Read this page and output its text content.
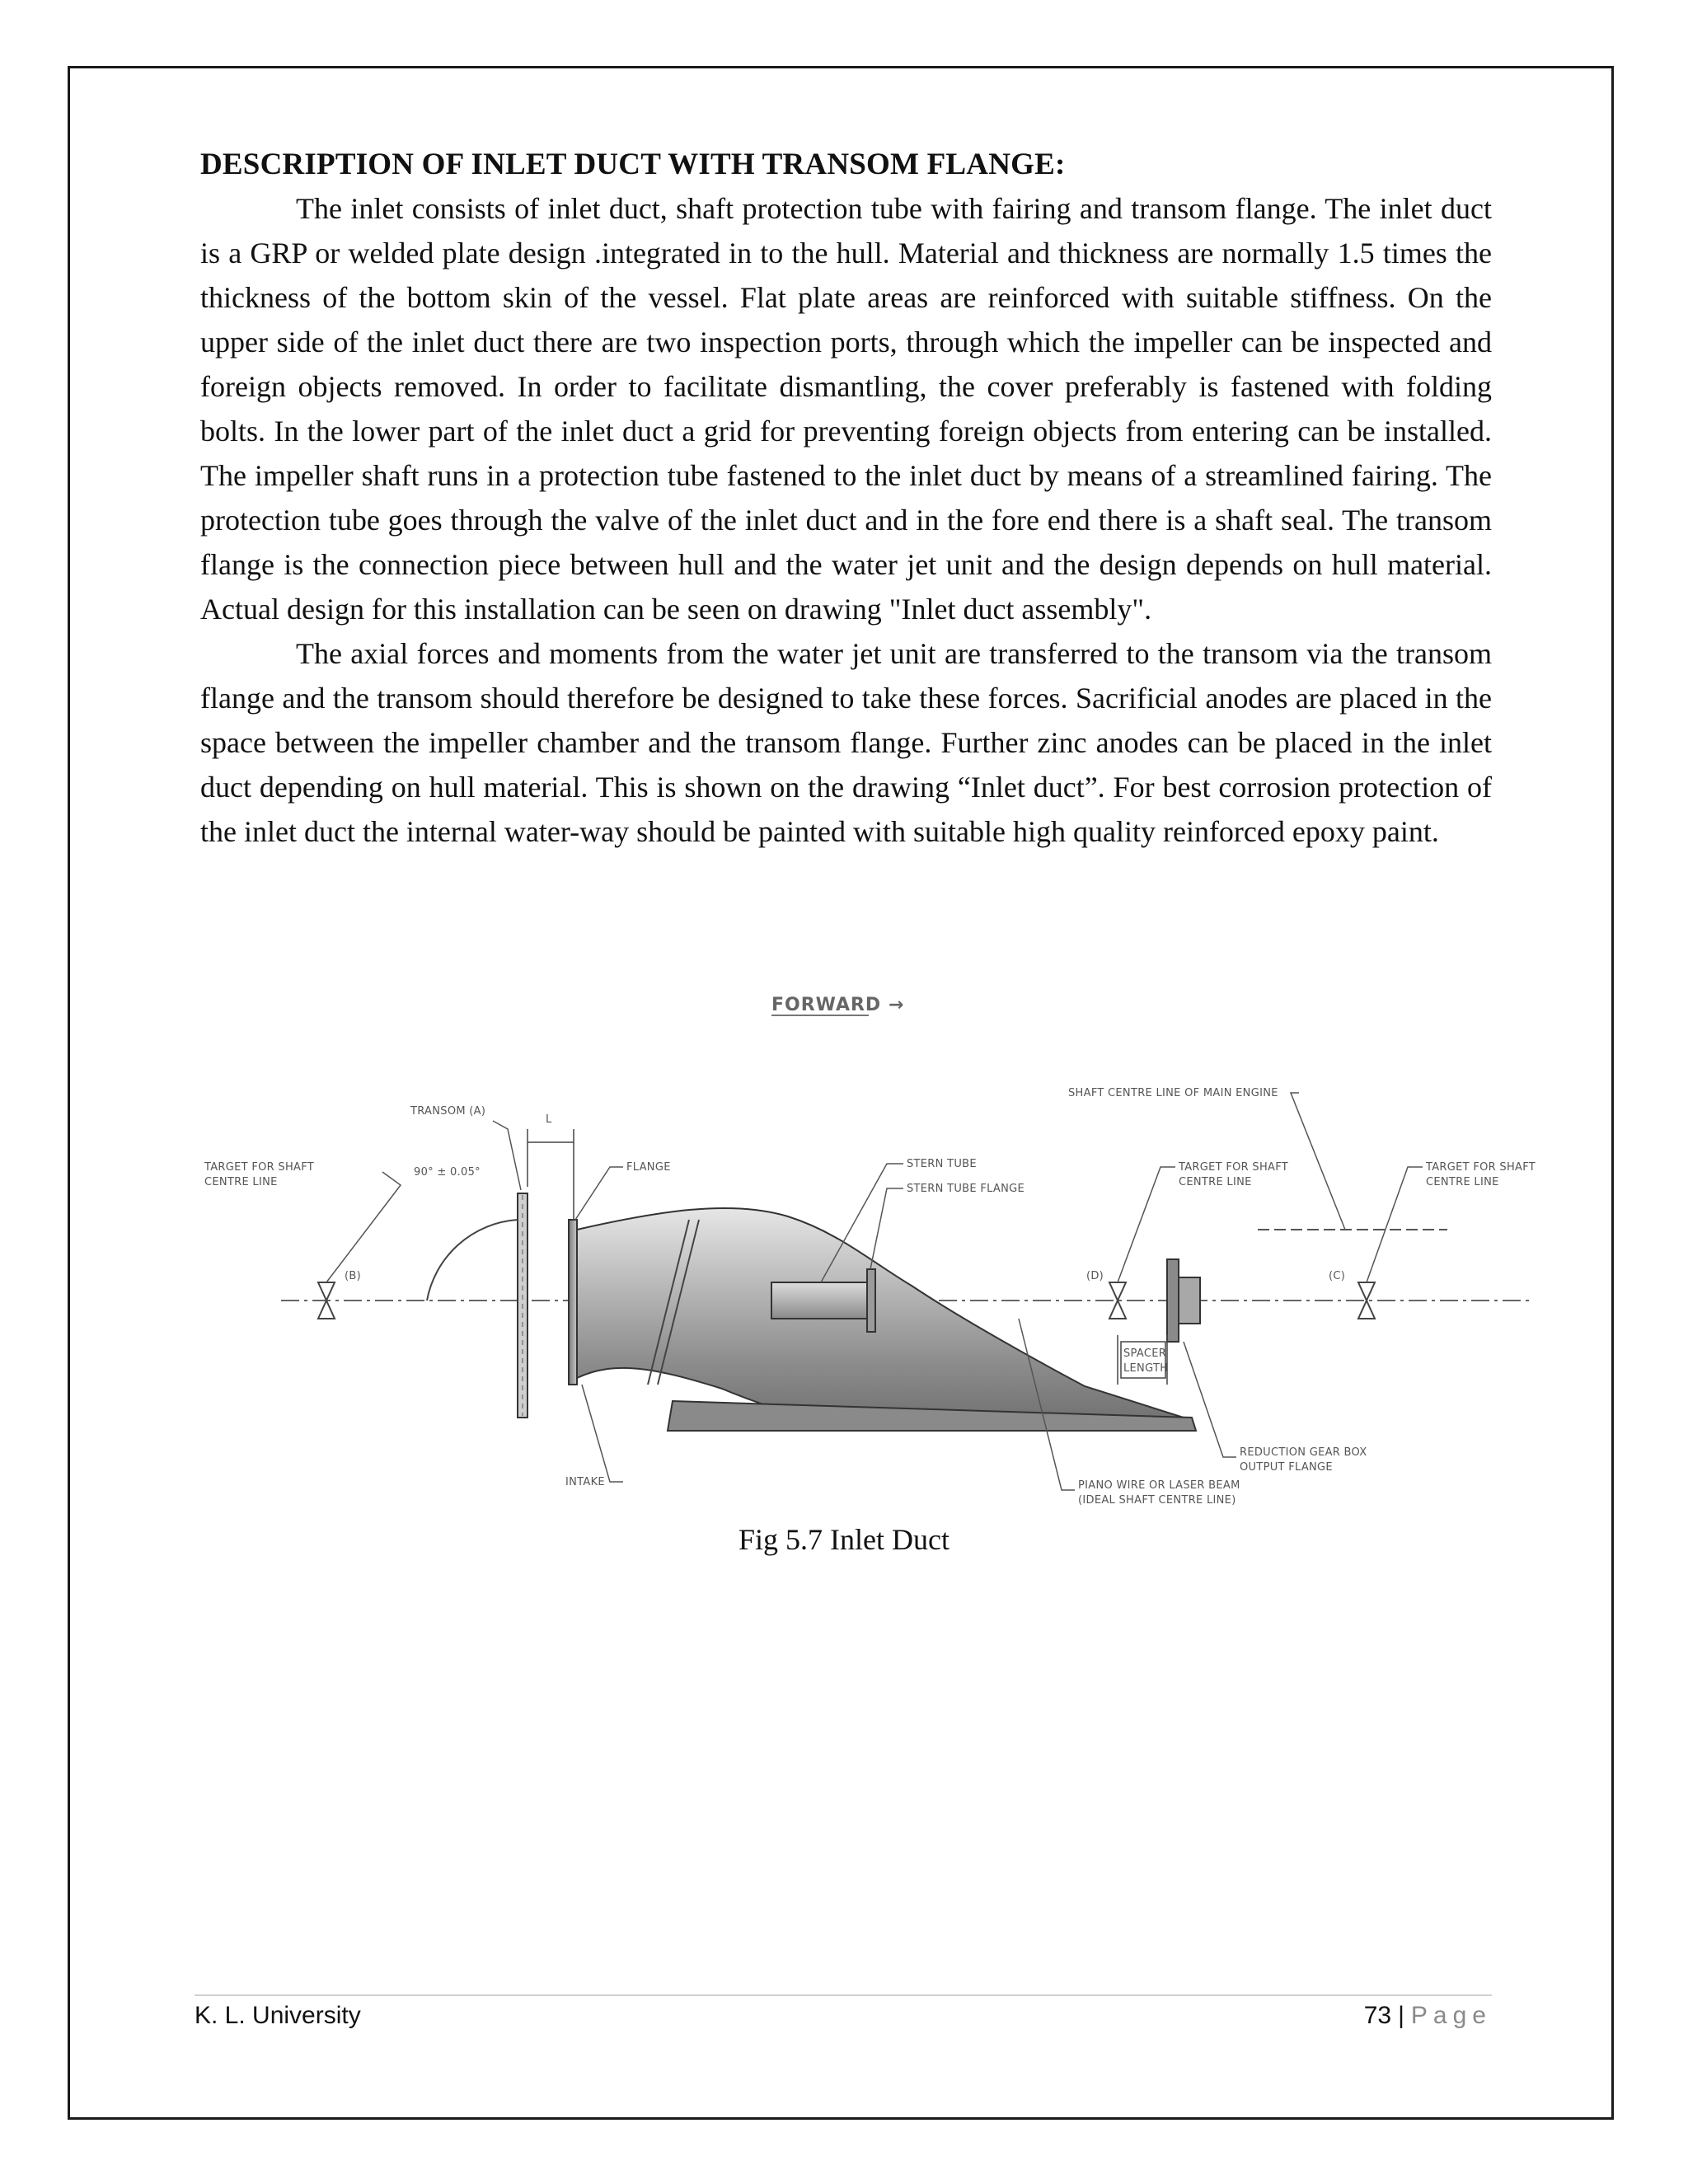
DESCRIPTION OF INLET DUCT WITH TRANSOM FLANGE:

The inlet consists of inlet duct, shaft protection tube with fairing and transom flange. The inlet duct is a GRP or welded plate design .integrated in to the hull. Material and thickness are normally 1.5 times the thickness of the bottom skin of the vessel. Flat plate areas are reinforced with suitable stiffness. On the upper side of the inlet duct there are two inspection ports, through which the impeller can be inspected and foreign objects removed. In order to facilitate dismantling, the cover preferably is fastened with folding bolts. In the lower part of the inlet duct a grid for preventing foreign objects from entering can be installed. The impeller shaft runs in a protection tube fastened to the inlet duct by means of a streamlined fairing. The protection tube goes through the valve of the inlet duct and in the fore end there is a shaft seal. The transom flange is the connection piece between hull and the water jet unit and the design depends on hull material. Actual design for this installation can be seen on drawing "Inlet duct assembly".

The axial forces and moments from the water jet unit are transferred to the transom via the transom flange and the transom should therefore be designed to take these forces. Sacrificial anodes are placed in the space between the impeller chamber and the transom flange. Further zinc anodes can be placed in the inlet duct depending on hull material. This is shown on the drawing “Inlet duct”. For best corrosion protection of the inlet duct the internal water-way should be painted with suitable high quality reinforced epoxy paint.

FORWARD →
TRANSOM (A)
L
TARGET FOR SHAFT
CENTRE LINE
90° ± 0.05°	FLANGE
(B)
STERN TUBE
STERN TUBE FLANGE
INTAKE
SHAFT CENTRE LINE OF MAIN ENGINE
TARGET FOR SHAFT
CENTRE LINE
TARGET FOR SHAFT
CENTRE LINE
(D)	(C)
SPACER
LENGTH
REDUCTION GEAR BOX
OUTPUT FLANGE
PIANO WIRE OR LASER BEAM
(IDEAL SHAFT CENTRE LINE)
Fig 5.7 Inlet Duct
K. L. University	73 | Page
